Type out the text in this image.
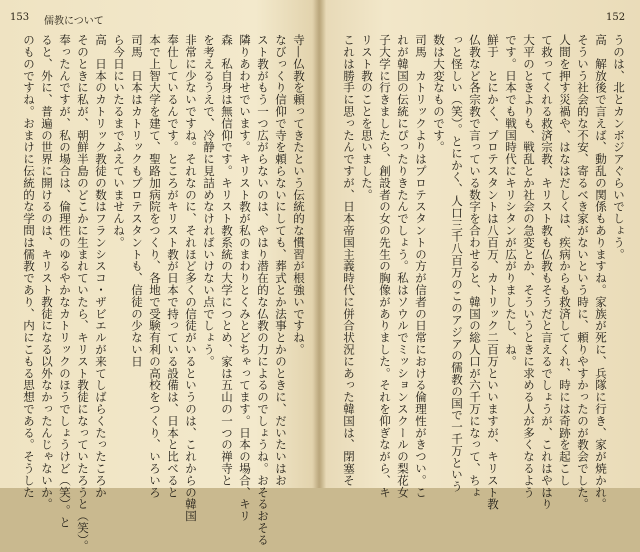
153 儒教について
寺―仏教を頼ってきたという伝統的な慣習が根強いですね。
なびっくり信仰で寺を頼らないにしても、葬式とか法事とかのときに、だいたいはお
スト教がもう一つ広がらないのは、やはり潜在的な仏教の力によるのでしょうね。おそるおそる
隣りあわせでいます。キリスト教が私のまわりとくみとどちゃってます。日本の場合、キリ
森　私自身は無信仰です。キリスト教系統の大学につとめ、家は五山の一つの禅寺と
を考えるうえで、冷静に見詰めなければいけない点でしょう。
非常に少ないですね。それなのに、それほど多くの信徒がいるというのは、これからの韓国
奉仕しているんです。ところがキリスト教が日本で持っている設備は、日本と比べると
本で上智大学を建て、聖路加病院をつくり、各地で受験有利の高校をつくり、いろいろ
司馬　日本はカトリックもプロテスタントも、信徒の少ない日
ら今日にいたるまでふえていませんね。
高　日本のカトリック教徒の数はフランシスコ・ザビエルが来てしばらくたったころか
そのときに私が、朝鮮半島のどこかに生まれていたら、キリスト教徒になっていたろうと（笑）。
奉ったんですが、私の場合は、倫理性のゆるやかなカトリックのほうでしょうけど（笑）。と
ると、外に、普遍の世界に開けるのは、キリスト教徒になる以外なかったんじゃないか。
のものですね。おまけに伝統的な学問は儒教であり、内にこもる思想である。そうした
152
うのは、北とカンボジアぐらいでしょう。
高　解放後で言えば、動乱の関係もありますね。家族が死に、兵隊に行き、家が焼かれ。
そういう社会的な不安、寄るべき家がないという時に、頼りやすかったのが教会でした。
人間を押す災禍や、はなはだしくは、疾病からも救済してくれ、時には奇跡を起こし
て救ってくれる救済宗教、キリスト教も仏教もそうだと言えるでしょうが、これはやはり
大平のときよりも、戦乱とか社会の急変とか、そういうときに求める人が多くなるよう
です。日本でも戦国時代にキリシタンが広がりましたし、ね。
鮮于　とにかく、プロテスタントは八百万、カトリック二百万といいますが、キリスト教
仏教など各宗教で言っている数字を合わせると、韓国の総人口が六千万になって、ちょ
っと怪しい（笑）。とにかく、人口三千八百万のこのアジアの儒教の国で一千万という
数は大変なものです。
司馬　カトリックよりはプロテスタントの方が信者の日常における倫理性がきつい。こ
れが韓国の伝統にぴったりきたんでしょう。私はソウルでミッションスクールの梨花女
子大学に行きましたら、創設者の女の先生の胸像がありました。それを仰ぎながら、キ
リスト教のことを思いました。
これは勝手に思ったんですが、日本帝国主義時代に併合状況にあった韓国は、閉塞そ
